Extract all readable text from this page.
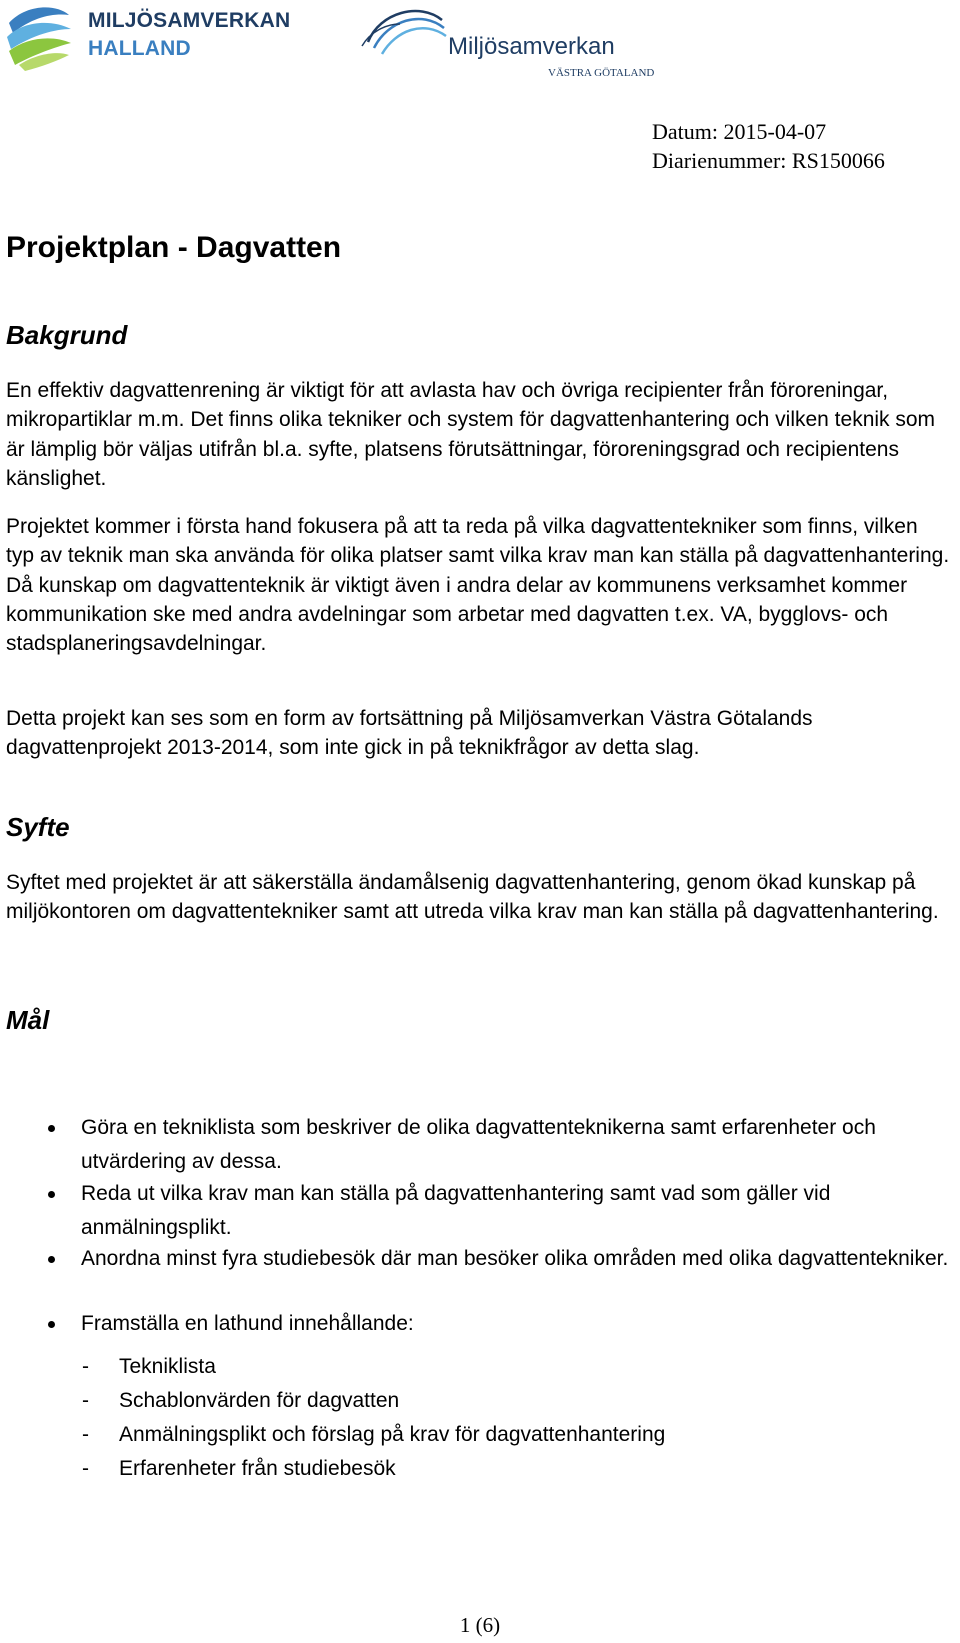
MILJÖSAMVERKAN
HALLAND	Miljösamverkan
VÄSTRA GÖTALAND
Datum: 2015-04-07
Diarienummer: RS150066
Projektplan - Dagvatten
Bakgrund

En effektiv dagvattenrening är viktigt för att avlasta hav och övriga recipienter från föroreningar, mikropartiklar m.m. Det finns olika tekniker och system för dagvattenhantering och vilken teknik som är lämplig bör väljas utifrån bl.a. syfte, platsens förutsättningar, föroreningsgrad och recipientens känslighet.

Projektet kommer i första hand fokusera på att ta reda på vilka dagvattentekniker som finns, vilken typ av teknik man ska använda för olika platser samt vilka krav man kan ställa på dagvattenhantering. Då kunskap om dagvattenteknik är viktigt även i andra delar av kommunens verksamhet kommer kommunikation ske med andra avdelningar som arbetar med dagvatten t.ex. VA, bygglovs- och stadsplaneringsavdelningar.

Detta projekt kan ses som en form av fortsättning på Miljösamverkan Västra Götalands dagvattenprojekt 2013-2014, som inte gick in på teknikfrågor av detta slag.

Syfte

Syftet med projektet är att säkerställa ändamålsenig dagvattenhantering, genom ökad kunskap på miljökontoren om dagvattentekniker samt att utreda vilka krav man kan ställa på dagvattenhantering.

Mål
Göra en tekniklista som beskriver de olika dagvattenteknikerna samt erfarenheter och utvärdering av dessa.
Reda ut vilka krav man kan ställa på dagvattenhantering samt vad som gäller vid anmälningsplikt.
Anordna minst fyra studiebesök där man besöker olika områden med olika dagvattentekniker.
Framställa en lathund innehållande:
- Tekniklista
- Schablonvärden för dagvatten
- Anmälningsplikt och förslag på krav för dagvattenhantering
- Erfarenheter från studiebesök
1 (6)
